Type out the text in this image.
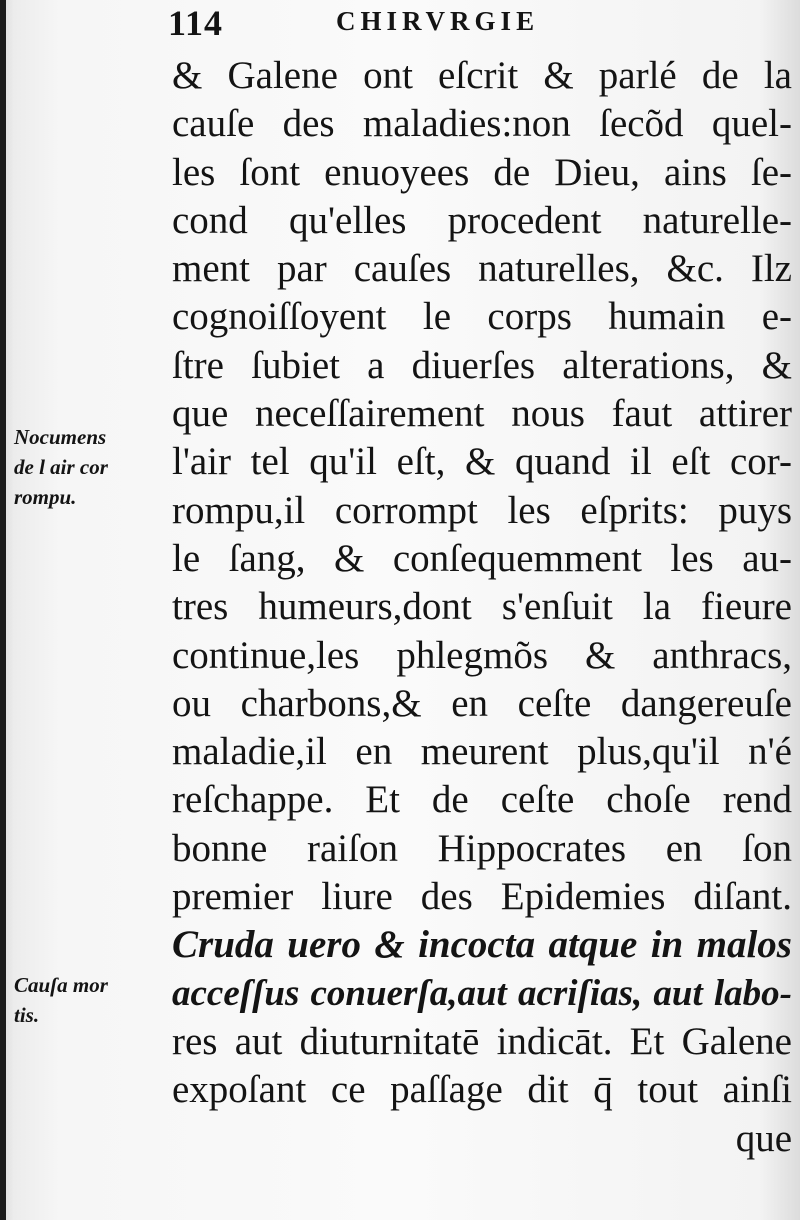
114	CHIRVRGIE
Nocumens
de l air cor
rompu.
Cauſa mor
tis.
& Galene ont eſcrit & parlé de la
cauſe des maladies:non ſecõd quel-
les ſont enuoyees de Dieu, ains ſe-
cond qu'elles procedent naturelle-
ment par cauſes naturelles, &c. Ilz
cognoiſſoyent le corps humain e-
ſtre ſubiet a diuerſes alterations, &
que neceſſairement nous faut attirer
l'air tel qu'il eſt, & quand il eſt cor-
rompu,il corrompt les eſprits: puys
le ſang, & conſequemment les au-
tres humeurs,dont s'enſuit la fieure
continue,les phlegmõs & anthracs,
ou charbons,& en ceſte dangereuſe
maladie,il en meurent plus,qu'il n'é
reſchappe. Et de ceſte choſe rend
bonne raiſon Hippocrates en ſon
premier liure des Epidemies diſant.
Cruda uero & incocta atque in malos
acceſſus conuerſa,aut acriſias, aut labo-
res aut diuturnitatē indicāt. Et Galene
expoſant ce paſſage dit q̄ tout ainſi
que
